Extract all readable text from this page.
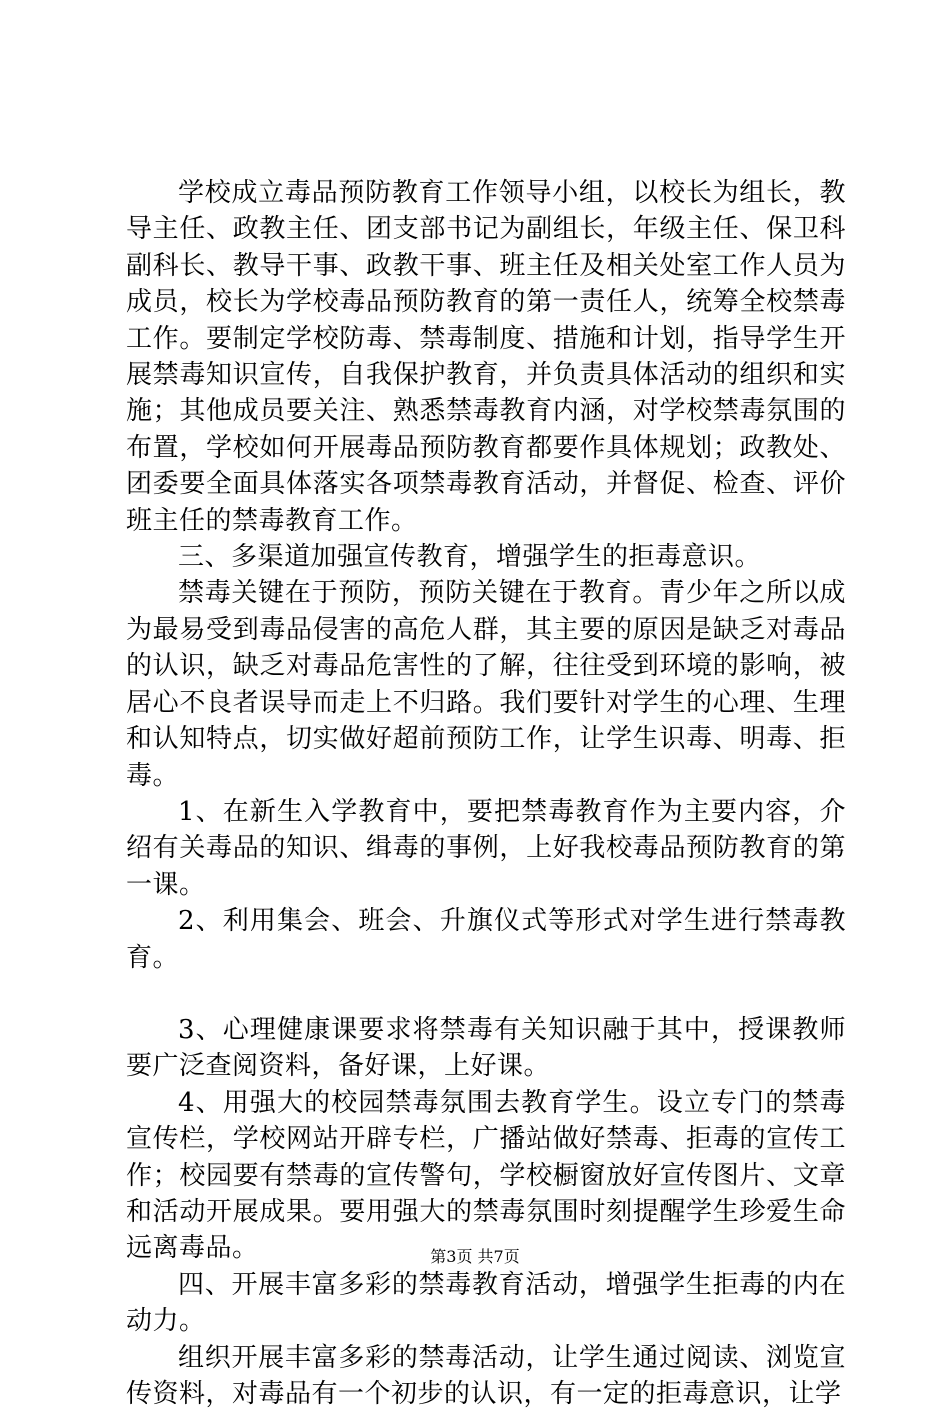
学校成立毒品预防教育工作领导小组，以校长为组长，教导主任、政教主任、团支部书记为副组长，年级主任、保卫科副科长、教导干事、政教干事、班主任及相关处室工作人员为成员，校长为学校毒品预防教育的第一责任人，统筹全校禁毒工作。要制定学校防毒、禁毒制度、措施和计划，指导学生开展禁毒知识宣传，自我保护教育，并负责具体活动的组织和实施；其他成员要关注、熟悉禁毒教育内涵，对学校禁毒氛围的布置，学校如何开展毒品预防教育都要作具体规划；政教处、团委要全面具体落实各项禁毒教育活动，并督促、检查、评价班主任的禁毒教育工作。

三、多渠道加强宣传教育，增强学生的拒毒意识。

禁毒关键在于预防，预防关键在于教育。青少年之所以成为最易受到毒品侵害的高危人群，其主要的原因是缺乏对毒品的认识，缺乏对毒品危害性的了解，往往受到环境的影响，被居心不良者误导而走上不归路。我们要针对学生的心理、生理和认知特点，切实做好超前预防工作，让学生识毒、明毒、拒毒。

1、在新生入学教育中，要把禁毒教育作为主要内容，介绍有关毒品的知识、缉毒的事例，上好我校毒品预防教育的第一课。

2、利用集会、班会、升旗仪式等形式对学生进行禁毒教育。

3、心理健康课要求将禁毒有关知识融于其中，授课教师要广泛查阅资料，备好课，上好课。

4、用强大的校园禁毒氛围去教育学生。设立专门的禁毒宣传栏，学校网站开辟专栏，广播站做好禁毒、拒毒的宣传工作；校园要有禁毒的宣传警句，学校橱窗放好宣传图片、文章和活动开展成果。要用强大的禁毒氛围时刻提醒学生珍爱生命远离毒品。

四、开展丰富多彩的禁毒教育活动，增强学生拒毒的内在动力。

组织开展丰富多彩的禁毒活动，让学生通过阅读、浏览宣传资料，对毒品有一个初步的认识，有一定的拒毒意识，让学

第3页 共7页
